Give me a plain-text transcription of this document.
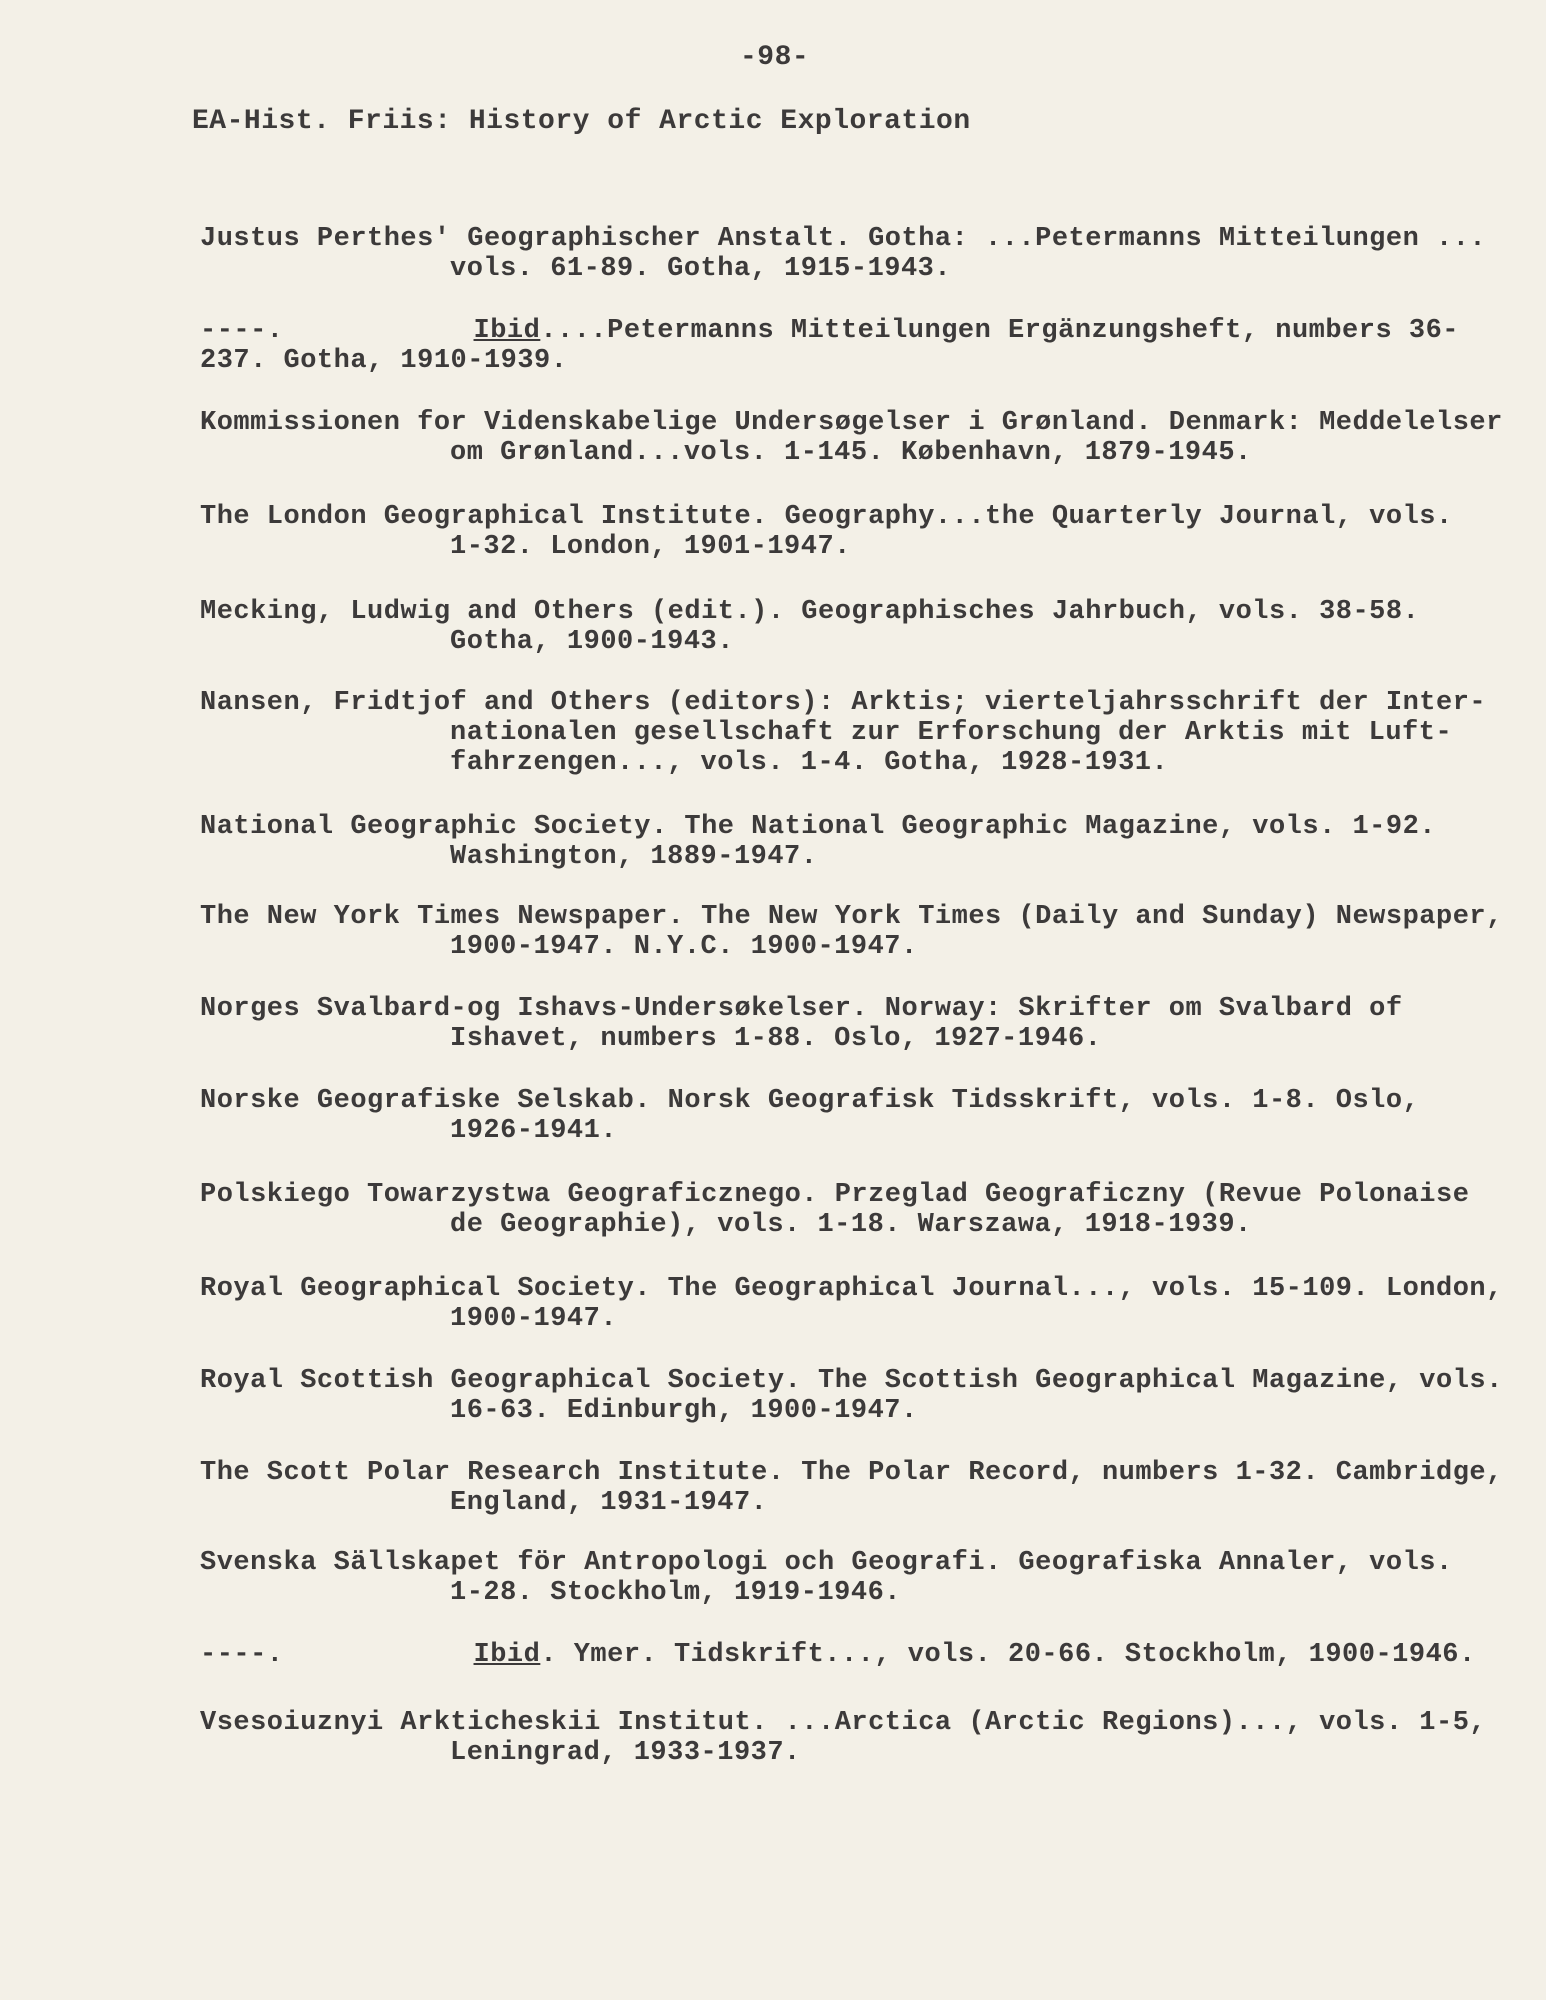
-98-
EA-Hist. Friis: History of Arctic Exploration
Justus Perthes' Geographischer Anstalt. Gotha: ...Petermanns Mitteilungen ...
vols. 61-89. Gotha, 1915-1943.
----.	Ibid....Petermanns Mitteilungen Ergänzungsheft, numbers 36-
237. Gotha, 1910-1939.
Kommissionen for Videnskabelige Undersøgelser i Grønland. Denmark: Meddelelser
om Grønland...vols. 1-145. København, 1879-1945.
The London Geographical Institute. Geography...the Quarterly Journal, vols.
1-32. London, 1901-1947.
Mecking, Ludwig and Others (edit.). Geographisches Jahrbuch, vols. 38-58.
Gotha, 1900-1943.
Nansen, Fridtjof and Others (editors): Arktis; vierteljahrsschrift der Inter-
nationalen gesellschaft zur Erforschung der Arktis mit Luft-
fahrzengen..., vols. 1-4. Gotha, 1928-1931.
National Geographic Society. The National Geographic Magazine, vols. 1-92.
Washington, 1889-1947.
The New York Times Newspaper. The New York Times (Daily and Sunday) Newspaper,
1900-1947. N.Y.C. 1900-1947.
Norges Svalbard-og Ishavs-Undersøkelser. Norway: Skrifter om Svalbard of
Ishavet, numbers 1-88. Oslo, 1927-1946.
Norske Geografiske Selskab. Norsk Geografisk Tidsskrift, vols. 1-8. Oslo,
1926-1941.
Polskiego Towarzystwa Geograficznego. Przeglad Geograficzny (Revue Polonaise
de Geographie), vols. 1-18. Warszawa, 1918-1939.
Royal Geographical Society. The Geographical Journal..., vols. 15-109. London,
1900-1947.
Royal Scottish Geographical Society. The Scottish Geographical Magazine, vols.
16-63. Edinburgh, 1900-1947.
The Scott Polar Research Institute. The Polar Record, numbers 1-32. Cambridge,
England, 1931-1947.
Svenska Sällskapet för Antropologi och Geografi. Geografiska Annaler, vols.
1-28. Stockholm, 1919-1946.
----.	Ibid. Ymer. Tidskrift..., vols. 20-66. Stockholm, 1900-1946.
Vsesoiuznyi Arkticheskii Institut. ...Arctica (Arctic Regions)..., vols. 1-5,
Leningrad, 1933-1937.
